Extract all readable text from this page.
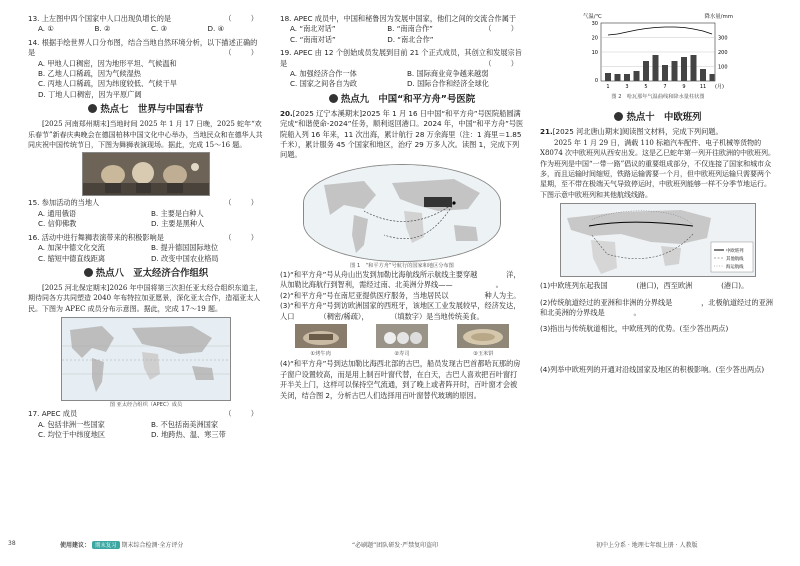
13. 上左图中四个国家中人口出现负增长的是	（　）
A. ①	B. ②	C. ③	D. ④
14. 根据手绘世界人口分布图，结合当地自然环境分析，以下描述正确的是	（　）
A. 甲地人口稠密，因为地形平坦、气候温和
B. 乙地人口稀疏，因为气候湿热
C. 丙地人口稀疏，因为纬度较低、气候干旱
D. 丁地人口稠密，因为平原广阔
热点七　世界与中国春节
[2025 河南郑州期末]当地时间 2025 年 1 月 17 日晚，2025 蛇年“欢乐春节”新春庆典晚会在德国柏林中国文化中心举办，当地民众和在德华人共同庆祝中国传统节日，下图为舞狮表演现场。据此，完成 15～16 题。
15. 参加活动的当地人	（　）
A. 通用俄语	B. 主要是白种人
C. 信仰佛教	D. 主要是黑种人
16. 活动中进行舞狮表演带来的积极影响是	（　）
A. 加深中德文化交流	B. 提升德国国际地位
C. 缩短中德直线距离	D. 改变中国农业格局
热点八　亚太经济合作组织
[2025 河北保定期末]2026 年中国将第三次担任亚太经合组织东道主，期待同各方共同塑造 2040 年布特拉加亚愿景，深化亚太合作，造福亚太人民。下图为 APEC 成员分布示意图。据此，完成 17～19 题。
图 亚太经合组织（APEC）成员
17. APEC 成员	（　）
A. 包括非洲一些国家	B. 不包括南美洲国家
C. 均位于中纬度地区	D. 地跨热、温、寒三带
18. APEC 成员中，中国和秘鲁因为发展中国家，他们之间的交流合作属于
（　）
A. “南北对话”	B. “南南合作”
C. “南南对话”	D. “南北合作”
19. APEC 由 12 个创始成员发展到目前 21 个正式成员，其创立和发展宗旨是	（　）
A. 加强经济合作一体	B. 国际商业竞争越来越弱
C. 国家之间各自为政	D. 国际合作和经济全球化
热点九　中国“和平方舟”号医院
20.[2025 辽宁本溪期末]2025 年 1 月 16 日中国“和平方舟”号医院船圆满完成“和谐使命-2024”任务，顺利返回港口。2024 年，中国“和平方舟”号医院船入列 16 年来，11 次出海，累计航行 28 万余海里（注：1 海里＝1.85 千米），累计服务 45 个国家和地区，治疗 29 万多人次。读图 1，完成下列问题。
图 1　“和平方舟”号航行的国家和地区分布图
(1)“和平方舟”号从舟山出发到加勒比海航线所示航线主要穿越　　　　洋，从加勒比海航行到智利，需经过南、北美洲分界线——　　　　　　。
(2)“和平方舟”号在南尼亚提供医疗服务，当地居民以　　　　　种人为主。
(3)“和平方舟”号到访欧洲国家的西班牙，该地区工业发展较早，经济发达，人口　　　　（稠密/稀疏），　　　　（填数字）是当地传统美食。
①烤牛肉	②寿司	③玉米饼
(4)“和平方舟”号到达加勒比海西北部的古巴，船员发现古巴首都哈瓦那的房子窗户设置较高，而是用上制百叶窗代替，在白天，古巴人喜欢把百叶窗打开半关上门，这样可以保持空气流通，到了晚上或者阵开时，百叶窗才会被关闭，结合图 2，分析古巴人们选择用百叶窗替代玻璃的原因。
气温/℃	降水量/mm
30
20
10
0
300
200
100
1	3	5	7	9	11 (月)
图 2　哈瓦那年气温曲线和降水量柱状图
热点十　中欧班列
21.[2025 河北唐山期末]阅读图文材料，完成下列问题。
2025 年 1 月 29 日，满载 110 标箱汽车配件、电子机械等货物的 X8074 次中欧班列从西安出发。这是乙巳蛇年第一列开往欧洲的中欧班列。作为班列是中国“一带一路”倡议的重要组成部分，不仅连接了国家和城市众多，而且运输时间缩短，铁路运输需要一个月，但中欧班列运输只需要两个星期，至不带在极端天气导致停运时，中欧班列能够一样不分季节地运行。下图示意中欧班列和其他航线线路。
中欧班列
其他航线
海运航线
(1)中欧班列东起我国　　　　(港口)，西至欧洲　　　　(港口)。
(2)传统航道经过的亚洲和非洲的分界线是　　　　，北极航道经过的亚洲和北美洲的分界线是　　　　。
(3)指出与传统航道相比，中欧班列的优势。(至少答出两点)
(4)列举中欧班列的开通对沿线国家及地区的积极影响。(至少答出两点)
38	使用建议： 期末复习 期末综合检测·全方评分	“必刷题”团队研发·严禁复印盗印	初中上分系 · 地理七年级上册 · 人教版
